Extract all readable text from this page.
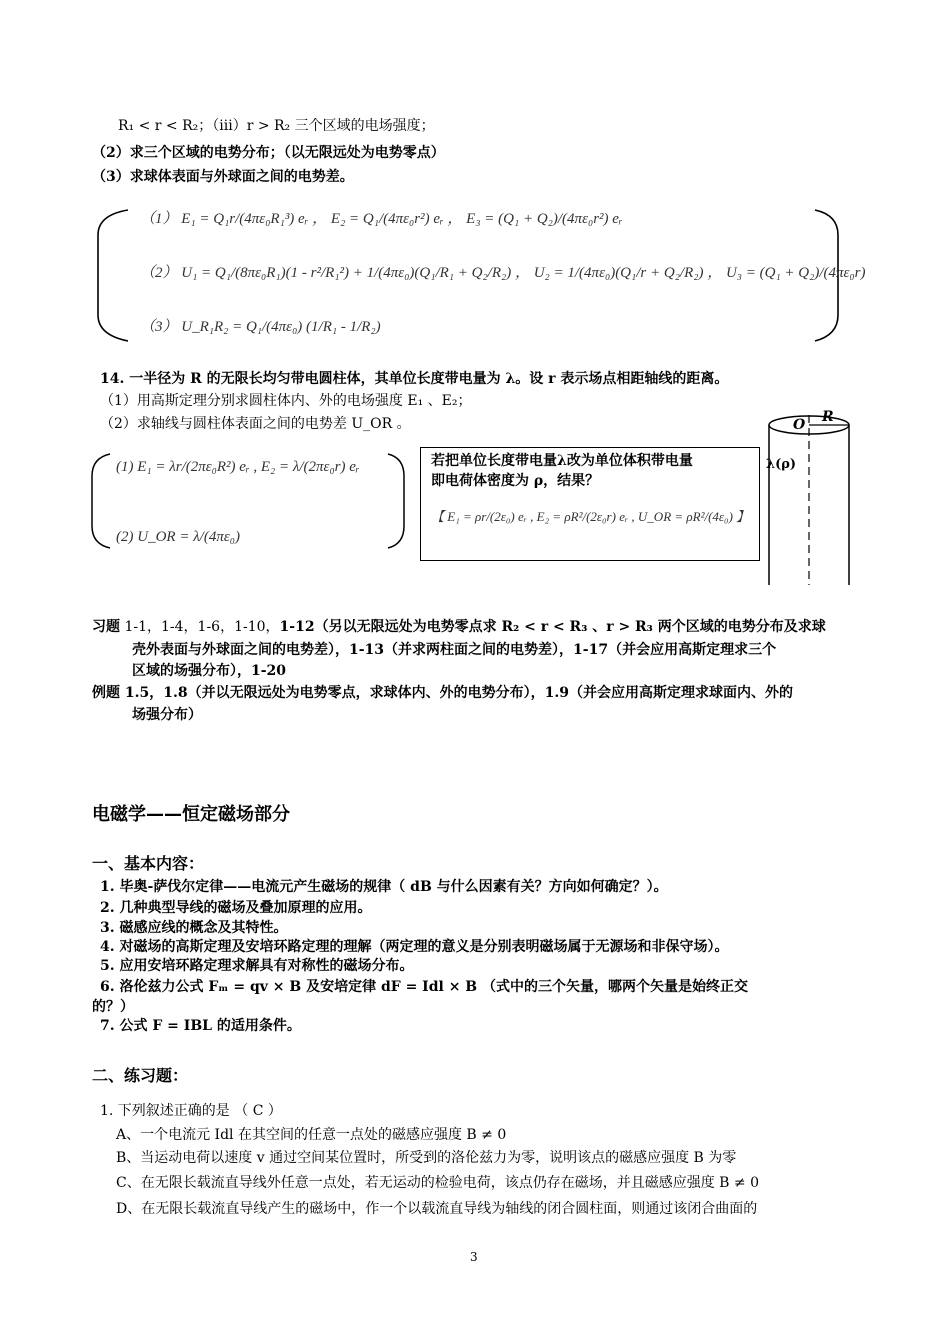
R₁ < r < R₂；（iii）r > R₂ 三个区域的电场强度；
（2）求三个区域的电势分布；（以无限远处为电势零点）
（3）求球体表面与外球面之间的电势差。
（1） E₁ = Q₁r/(4πε₀R₁³) eᵣ ， E₂ = Q₁/(4πε₀r²) eᵣ ， E₃ = (Q₁ + Q₂)/(4πε₀r²) eᵣ
（2） U₁ = Q₁/(8πε₀R₁)(1 - r²/R₁²) + 1/(4πε₀)(Q₁/R₁ + Q₂/R₂) ， U₂ = 1/(4πε₀)(Q₁/r + Q₂/R₂) ， U₃ = (Q₁ + Q₂)/(4πε₀r)
（3） U_R₁R₂ = Q₁/(4πε₀) (1/R₁ - 1/R₂)
14. 一半径为 R 的无限长均匀带电圆柱体，其单位长度带电量为 λ。设 r 表示场点相距轴线的距离。
（1）用高斯定理分别求圆柱体内、外的电场强度 E₁ 、E₂；
（2）求轴线与圆柱体表面之间的电势差 U_OR 。
(1) E₁ = λr/(2πε₀R²) eᵣ , E₂ = λ/(2πε₀r) eᵣ
(2) U_OR = λ/(4πε₀)
若把单位长度带电量λ改为单位体积带电量
即电荷体密度为 ρ，结果？
【 E₁ = ρr/(2ε₀) eᵣ , E₂ = ρR²/(2ε₀r) eᵣ , U_OR = ρR²/(4ε₀) 】
O R
λ(ρ)
习题 1-1，1-4，1-6，1-10，1-12（另以无限远处为电势零点求 R₂ < r < R₃ 、r > R₃ 两个区域的电势分布及求球
壳外表面与外球面之间的电势差），1-13（并求两柱面之间的电势差），1-17（并会应用高斯定理求三个
区域的场强分布），1-20
例题 1.5，1.8（并以无限远处为电势零点，求球体内、外的电势分布），1.9（并会应用高斯定理求球面内、外的
场强分布）
电磁学——恒定磁场部分
一、基本内容：
1. 毕奥-萨伐尔定律——电流元产生磁场的规律（ dB 与什么因素有关？方向如何确定？）。
2. 几种典型导线的磁场及叠加原理的应用。
3. 磁感应线的概念及其特性。
4. 对磁场的高斯定理及安培环路定理的理解（两定理的意义是分别表明磁场属于无源场和非保守场）。
5. 应用安培环路定理求解具有对称性的磁场分布。
6. 洛伦兹力公式 Fₘ = qv × B 及安培定律 dF = Idl × B （式中的三个矢量，哪两个矢量是始终正交
的？）
7. 公式 F = IBL 的适用条件。
二、练习题：
1. 下列叙述正确的是 （ C ）
A、一个电流元 Idl 在其空间的任意一点处的磁感应强度 B ≠ 0
B、当运动电荷以速度 v 通过空间某位置时，所受到的洛伦兹力为零，说明该点的磁感应强度 B 为零
C、在无限长载流直导线外任意一点处，若无运动的检验电荷，该点仍存在磁场，并且磁感应强度 B ≠ 0
D、在无限长载流直导线产生的磁场中，作一个以载流直导线为轴线的闭合圆柱面，则通过该闭合曲面的
3
